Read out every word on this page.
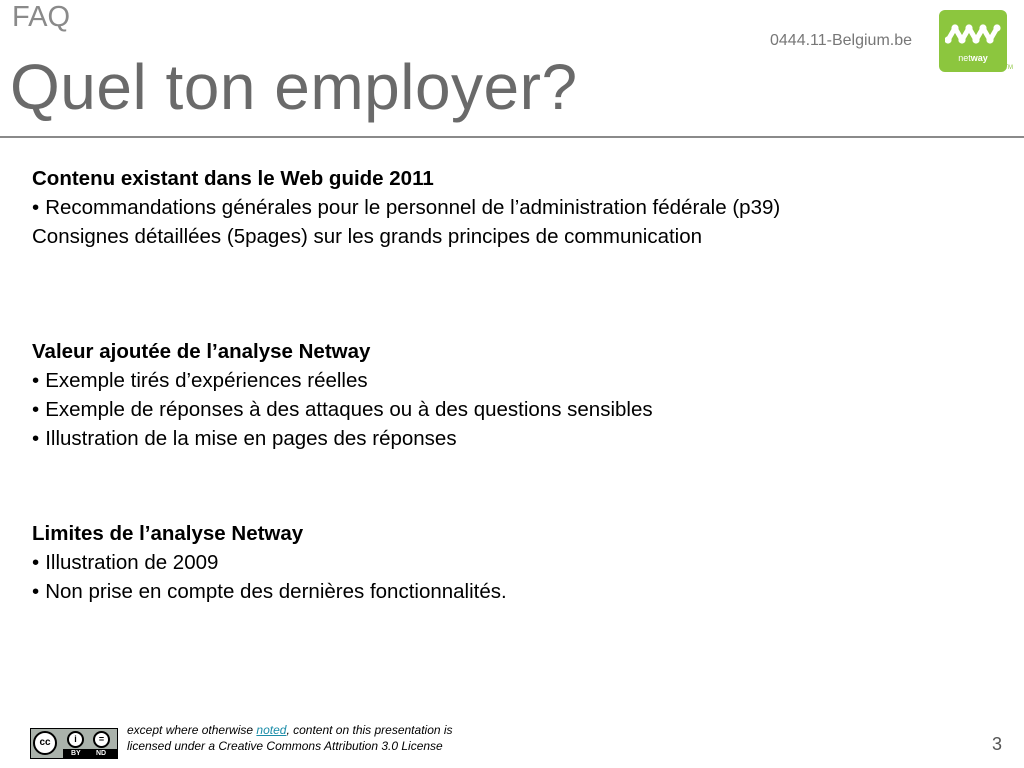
FAQ
Quel ton employer?
0444.11-Belgium.be
netway
TM
Contenu existant dans le Web guide 2011
• Recommandations générales pour le personnel de l’administration fédérale (p39)
Consignes détaillées (5pages) sur les grands principes de communication
Valeur ajoutée de l’analyse Netway
• Exemple tirés d’expériences réelles
• Exemple de réponses à des attaques ou à des questions sensibles
• Illustration de la mise en pages des réponses
Limites de l’analyse Netway
• Illustration de 2009
• Non prise en compte des dernières fonctionnalités.
cc	i	=
BY ND
except where otherwise noted, content on this presentation is
licensed under a Creative Commons Attribution 3.0 License	3
